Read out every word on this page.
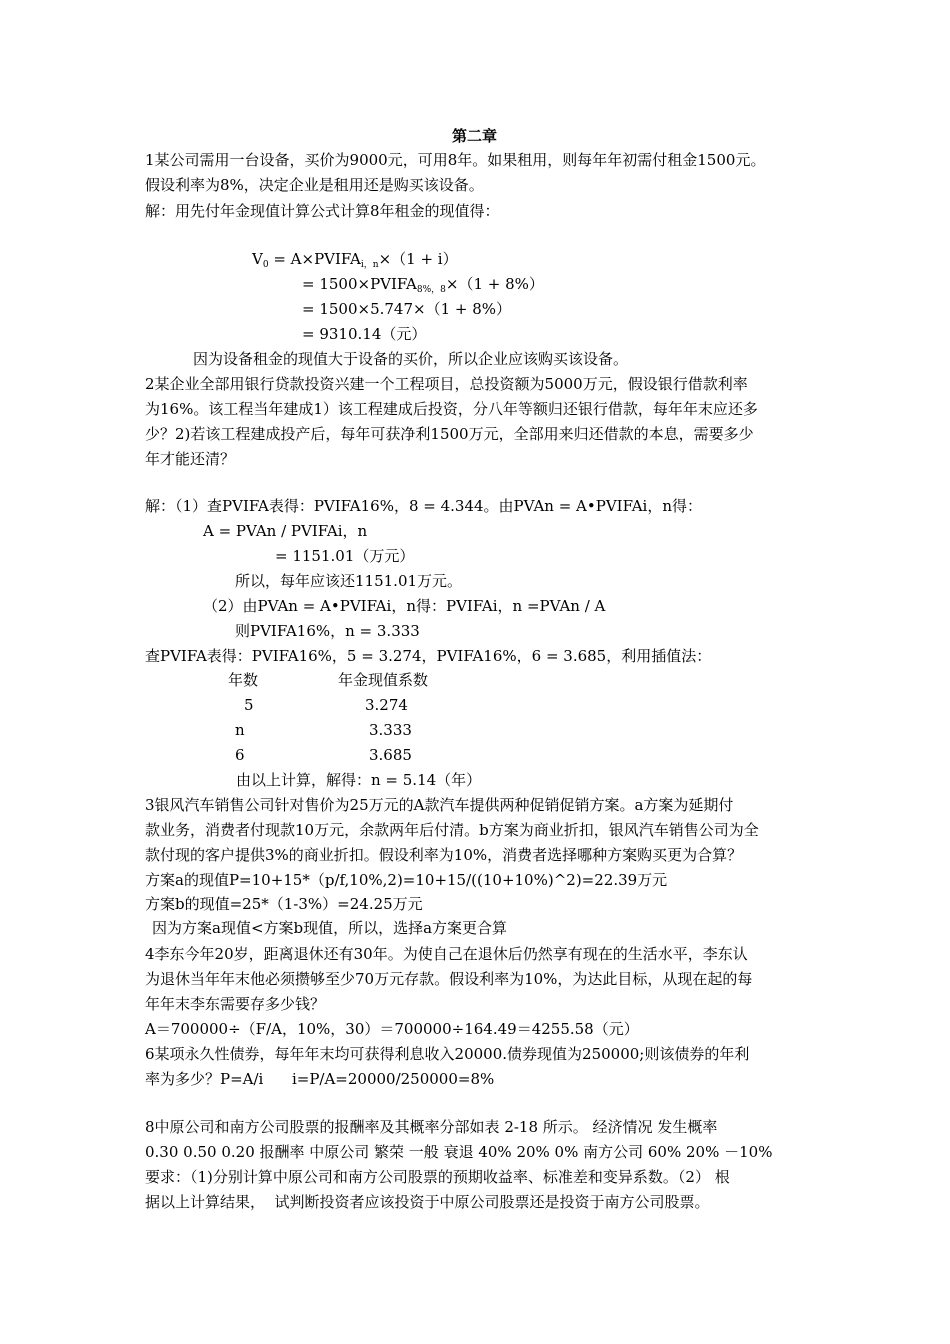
第二章
1某公司需用一台设备，买价为9000元，可用8年。如果租用，则每年年初需付租金1500元。
假设利率为8%，决定企业是租用还是购买该设备。
解：用先付年金现值计算公式计算8年租金的现值得：
$V_0$ = $A\times PVIFA_{i,n}\times(1 + i)$
= $1500\times PVIFA_{8\%,8}\times(1 + 8\%)$
= 1500×5.747×（1 + 8%）
= 9310.14（元）
因为设备租金的现值大于设备的买价，所以企业应该购买该设备。
2某企业全部用银行贷款投资兴建一个工程项目，总投资额为5000万元，假设银行借款利率
为16%。该工程当年建成1）该工程建成后投资，分八年等额归还银行借款，每年年末应还多
少？2)若该工程建成投产后，每年可获净利1500万元，全部用来归还借款的本息，需要多少
年才能还清？
解：（1）查PVIFA表得：PVIFA16%，8 = 4.344。由PVAn = A•PVIFAi，n得：
A = PVAn / PVIFAi，n
= 1151.01（万元）
所以，每年应该还1151.01万元。
（2）由PVAn = A•PVIFAi，n得：PVIFAi，n =PVAn / A
则PVIFA16%，n = 3.333
查PVIFA表得：PVIFA16%，5 = 3.274，PVIFA16%，6 = 3.685，利用插值法：
年数	年金现值系数
5	3.274
n	3.333
6	3.685
由以上计算，解得：n = 5.14（年）
3银风汽车销售公司针对售价为25万元的A款汽车提供两种促销促销方案。a方案为延期付
款业务，消费者付现款10万元，余款两年后付清。b方案为商业折扣，银风汽车销售公司为全
款付现的客户提供3%的商业折扣。假设利率为10%，消费者选择哪种方案购买更为合算？
方案a的现值P=10+15*（p/f,10%,2)=10+15/((10+10%)^2)=22.39万元
方案b的现值=25*（1-3%）=24.25万元
因为方案a现值<方案b现值，所以，选择a方案更合算
4李东今年20岁，距离退休还有30年。为使自己在退休后仍然享有现在的生活水平，李东认
为退休当年年末他必须攒够至少70万元存款。假设利率为10%，为达此目标，从现在起的每
年年末李东需要存多少钱？
A＝700000÷（F/A，10%，30）＝700000÷164.49＝4255.58（元）
6某项永久性债券，每年年末均可获得利息收入20000.债券现值为250000;则该债券的年利
率为多少？P=A/i      i=P/A=20000/250000=8%
8中原公司和南方公司股票的报酬率及其概率分部如表 2-18 所示。 经济情况 发生概率
0.30 0.50 0.20 报酬率 中原公司 繁荣 一般 衰退 40% 20% 0% 南方公司 60% 20% －10%
要求：（1)分别计算中原公司和南方公司股票的预期收益率、标准差和变异系数。（2） 根
据以上计算结果，  试判断投资者应该投资于中原公司股票还是投资于南方公司股票。
